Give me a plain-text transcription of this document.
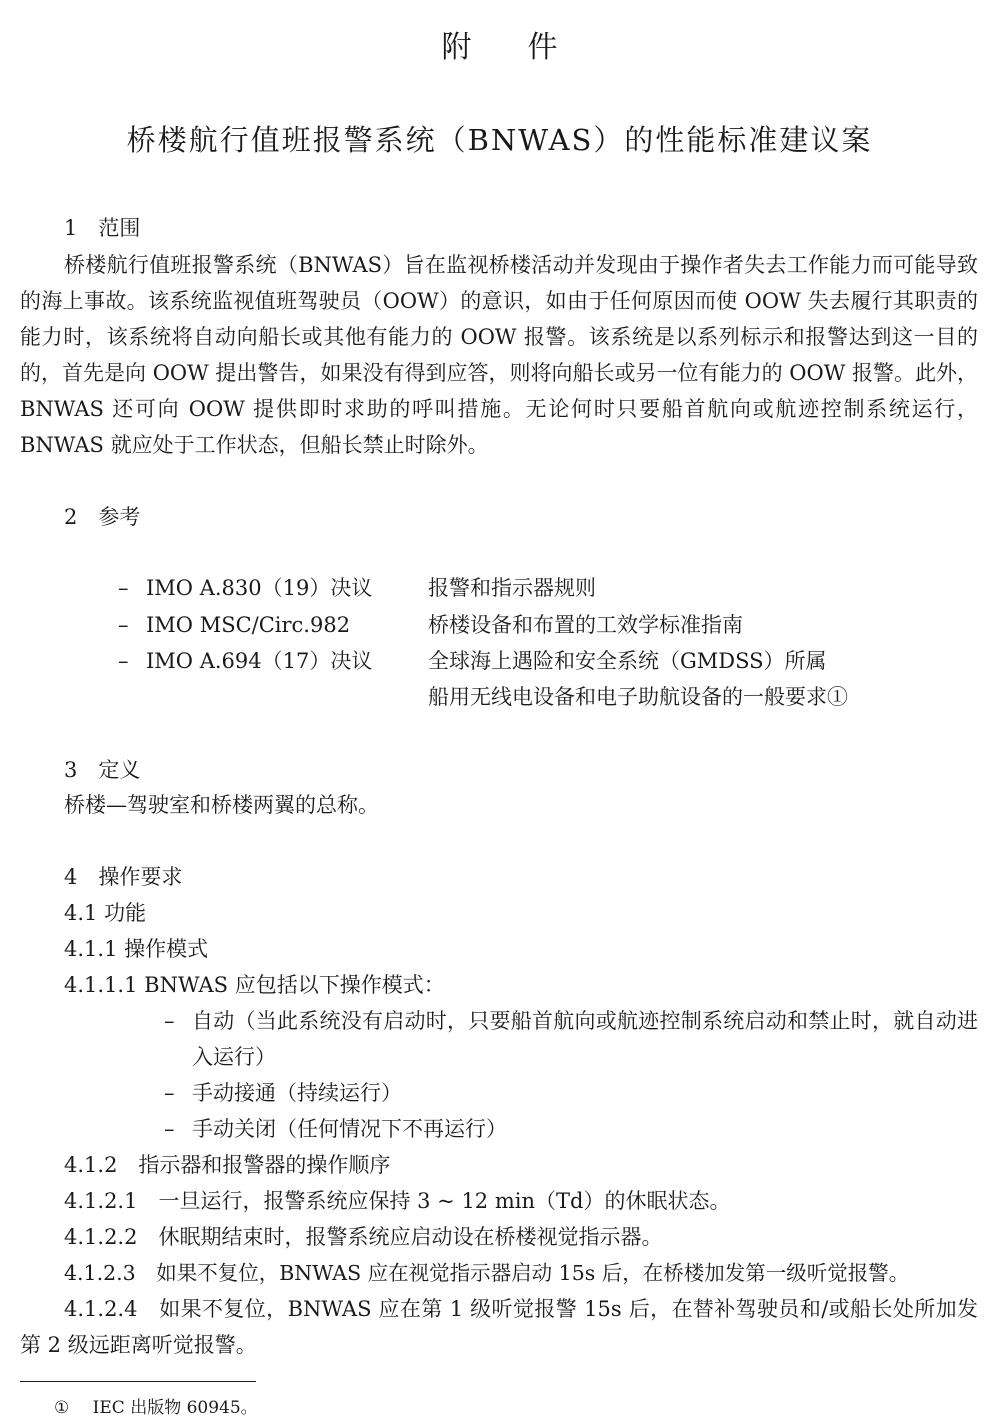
附件
桥楼航行值班报警系统（BNWAS）的性能标准建议案
1　范围
桥楼航行值班报警系统（BNWAS）旨在监视桥楼活动并发现由于操作者失去工作能力而可能导致的海上事故。该系统监视值班驾驶员（OOW）的意识，如由于任何原因而使 OOW 失去履行其职责的能力时，该系统将自动向船长或其他有能力的 OOW 报警。该系统是以系列标示和报警达到这一目的的，首先是向 OOW 提出警告，如果没有得到应答，则将向船长或另一位有能力的 OOW 报警。此外，BNWAS 还可向 OOW 提供即时求助的呼叫措施。无论何时只要船首航向或航迹控制系统运行，BNWAS 就应处于工作状态，但船长禁止时除外。
2　参考
– IMO A.830（19）决议	报警和指示器规则
– IMO MSC/Circ.982	桥楼设备和布置的工效学标准指南
– IMO A.694（17）决议	全球海上遇险和安全系统（GMDSS）所属
船用无线电设备和电子助航设备的一般要求①
3　定义
桥楼—驾驶室和桥楼两翼的总称。
4　操作要求
4.1 功能
4.1.1 操作模式
4.1.1.1 BNWAS 应包括以下操作模式：
– 自动（当此系统没有启动时，只要船首航向或航迹控制系统启动和禁止时，就自动进入运行）
– 手动接通（持续运行）
– 手动关闭（任何情况下不再运行）
4.1.2　指示器和报警器的操作顺序
4.1.2.1　一旦运行，报警系统应保持 3 ~ 12 min（Td）的休眠状态。
4.1.2.2　休眠期结束时，报警系统应启动设在桥楼视觉指示器。
4.1.2.3　如果不复位，BNWAS 应在视觉指示器启动 15s 后，在桥楼加发第一级听觉报警。
4.1.2.4　如果不复位，BNWAS 应在第 1 级听觉报警 15s 后，在替补驾驶员和/或船长处所加发第 2 级远距离听觉报警。
① IEC 出版物 60945。
